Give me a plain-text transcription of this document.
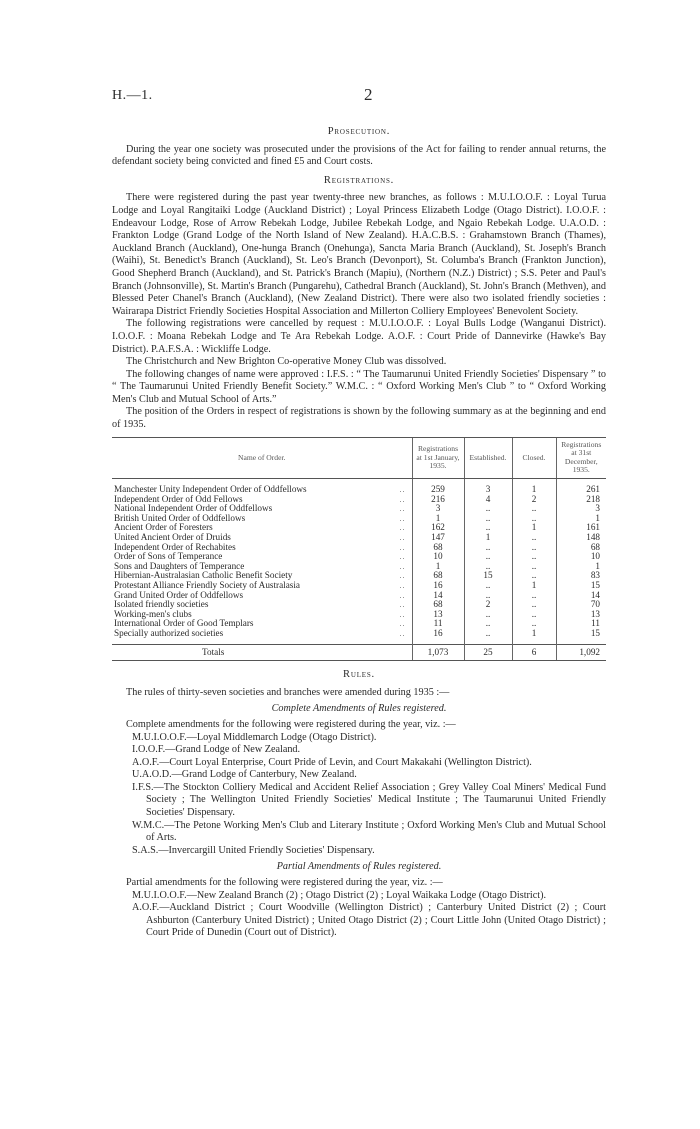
H.—1.	2
Prosecution.

During the year one society was prosecuted under the provisions of the Act for failing to render annual returns, the defendant society being convicted and fined £5 and Court costs.

Registrations.

There were registered during the past year twenty-three new branches, as follows : M.U.I.O.O.F. : Loyal Turua Lodge and Loyal Rangitaiki Lodge (Auckland District) ; Loyal Princess Elizabeth Lodge (Otago District). I.O.O.F. : Endeavour Lodge, Rose of Arrow Rebekah Lodge, Jubilee Rebekah Lodge, and Ngaio Rebekah Lodge. U.A.O.D. : Frankton Lodge (Grand Lodge of the North Island of New Zealand). H.A.C.B.S. : Grahamstown Branch (Thames), Auckland Branch (Auckland), One-hunga Branch (Onehunga), Sancta Maria Branch (Auckland), St. Joseph's Branch (Waihi), St. Benedict's Branch (Auckland), St. Leo's Branch (Devonport), St. Columba's Branch (Frankton Junction), Good Shepherd Branch (Auckland), and St. Patrick's Branch (Mapiu), (Northern (N.Z.) District) ; S.S. Peter and Paul's Branch (Johnsonville), St. Martin's Branch (Pungarehu), Cathedral Branch (Auckland), St. John's Branch (Methven), and Blessed Peter Chanel's Branch (Auckland), (New Zealand District). There were also two isolated friendly societies : Wairarapa District Friendly Societies Hospital Association and Millerton Colliery Employees' Benevolent Society.

The following registrations were cancelled by request : M.U.I.O.O.F. : Loyal Bulls Lodge (Wanganui District). I.O.O.F. : Moana Rebekah Lodge and Te Ara Rebekah Lodge. A.O.F. : Court Pride of Dannevirke (Hawke's Bay District). P.A.F.S.A. : Wickliffe Lodge.

The Christchurch and New Brighton Co-operative Money Club was dissolved.

The following changes of name were approved : I.F.S. : “ The Taumarunui United Friendly Societies' Dispensary ” to “ The Taumarunui United Friendly Benefit Society.” W.M.C. : “ Oxford Working Men's Club ” to “ Oxford Working Men's Club and Mutual School of Arts.”

The position of the Orders in respect of registrations is shown by the following summary as at the beginning and end of 1935.

Name of Order.	Registrations at 1st January, 1935.	Established.	Closed.	Registrations at 31st December, 1935.
Manchester Unity Independent Order of Oddfellows ..	259	3	1	261
Independent Order of Odd Fellows ..	216	4	2	218
National Independent Order of Oddfellows ..	3	..	..	3
British United Order of Oddfellows ..	1	..	..	1
Ancient Order of Foresters ..	162	..	1	161
United Ancient Order of Druids ..	147	1	..	148
Independent Order of Rechabites ..	68	..	..	68
Order of Sons of Temperance ..	10	..	..	10
Sons and Daughters of Temperance ..	1	..	..	1
Hibernian-Australasian Catholic Benefit Society ..	68	15	..	83
Protestant Alliance Friendly Society of Australasia ..	16	..	1	15
Grand United Order of Oddfellows ..	14	..	..	14
Isolated friendly societies ..	68	2	..	70
Working-men's clubs ..	13	..	..	13
International Order of Good Templars ..	11	..	..	11
Specially authorized societies ..	16	..	1	15
Totals	1,073	25	6	1,092
Rules.

The rules of thirty-seven societies and branches were amended during 1935 :—

Complete Amendments of Rules registered.

Complete amendments for the following were registered during the year, viz. :—

M.U.I.O.O.F.—Loyal Middlemarch Lodge (Otago District).

I.O.O.F.—Grand Lodge of New Zealand.

A.O.F.—Court Loyal Enterprise, Court Pride of Levin, and Court Makakahi (Wellington District).

U.A.O.D.—Grand Lodge of Canterbury, New Zealand.

I.F.S.—The Stockton Colliery Medical and Accident Relief Association ; Grey Valley Coal Miners' Medical Fund Society ; The Wellington United Friendly Societies' Medical Institute ; The Taumarunui United Friendly Societies' Dispensary.

W.M.C.—The Petone Working Men's Club and Literary Institute ; Oxford Working Men's Club and Mutual School of Arts.

S.A.S.—Invercargill United Friendly Societies' Dispensary.

Partial Amendments of Rules registered.

Partial amendments for the following were registered during the year, viz. :—

M.U.I.O.O.F.—New Zealand Branch (2) ; Otago District (2) ; Loyal Waikaka Lodge (Otago District).

A.O.F.—Auckland District ; Court Woodville (Wellington District) ; Canterbury United District (2) ; Court Ashburton (Canterbury United District) ; United Otago District (2) ; Court Little John (United Otago District) ; Court Pride of Dunedin (Court out of District).
